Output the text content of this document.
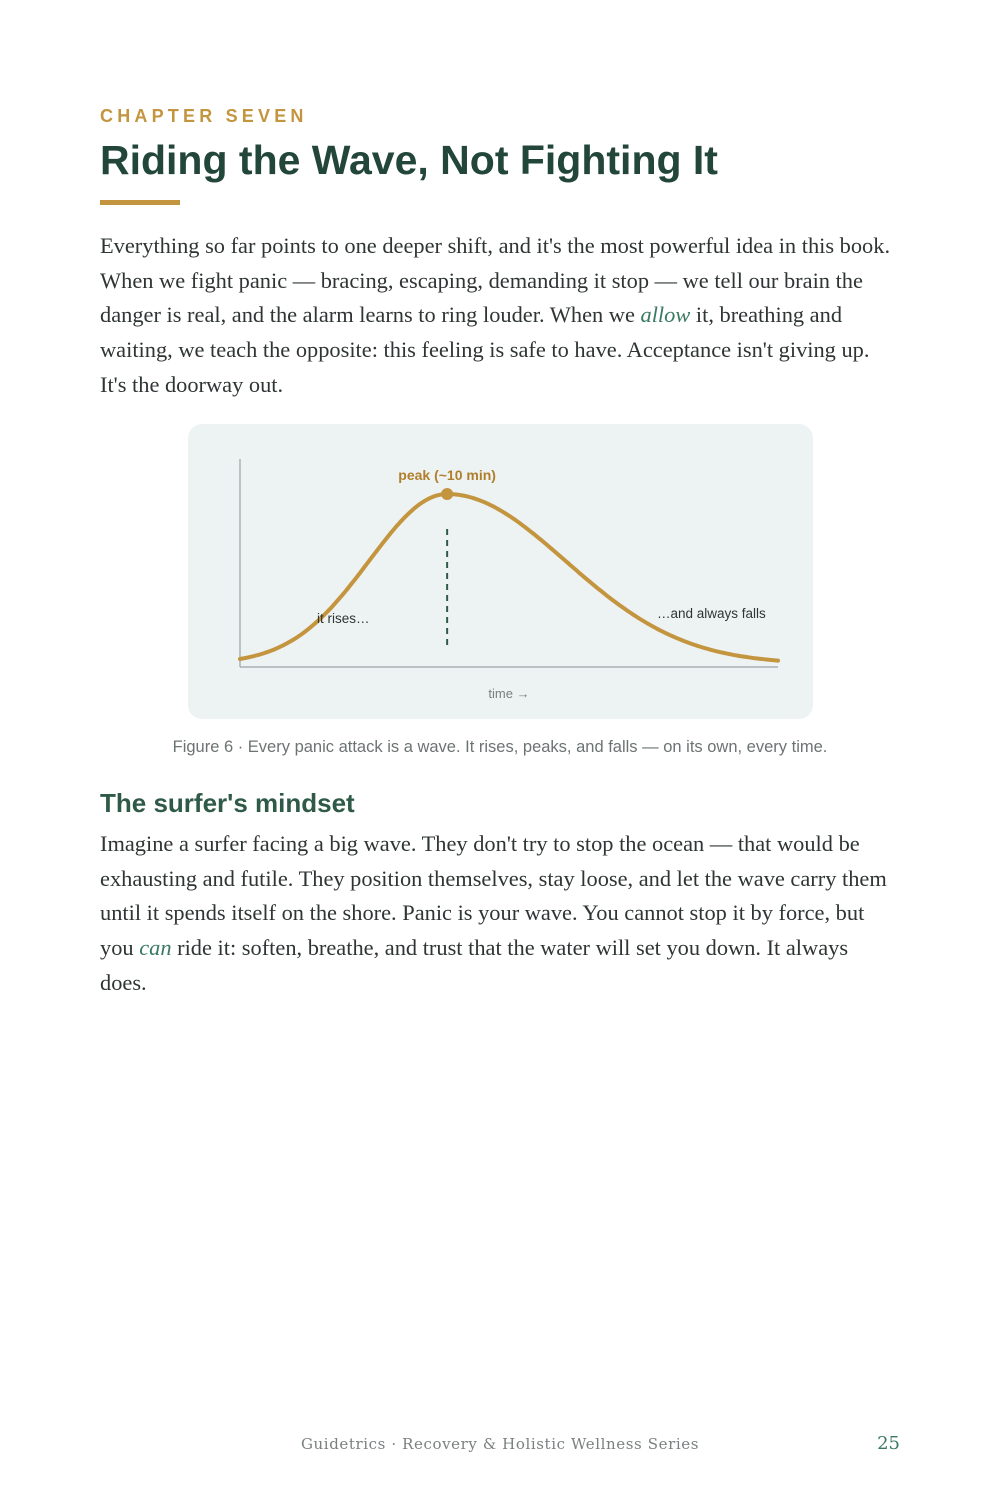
CHAPTER SEVEN
Riding the Wave, Not Fighting It

Everything so far points to one deeper shift, and it's the most powerful idea in this book. When we fight panic — bracing, escaping, demanding it stop — we tell our brain the danger is real, and the alarm learns to ring louder. When we allow it, breathing and waiting, we teach the opposite: this feeling is safe to have. Acceptance isn't giving up. It's the doorway out.

peak (~10 min)
it rises…	…and always falls
time →
Figure 6 · Every panic attack is a wave. It rises, peaks, and falls — on its own, every time.
The surfer's mindset

Imagine a surfer facing a big wave. They don't try to stop the ocean — that would be exhausting and futile. They position themselves, stay loose, and let the wave carry them until it spends itself on the shore. Panic is your wave. You cannot stop it by force, but you can ride it: soften, breathe, and trust that the water will set you down. It always does.

Guidetrics · Recovery & Holistic Wellness Series	25
